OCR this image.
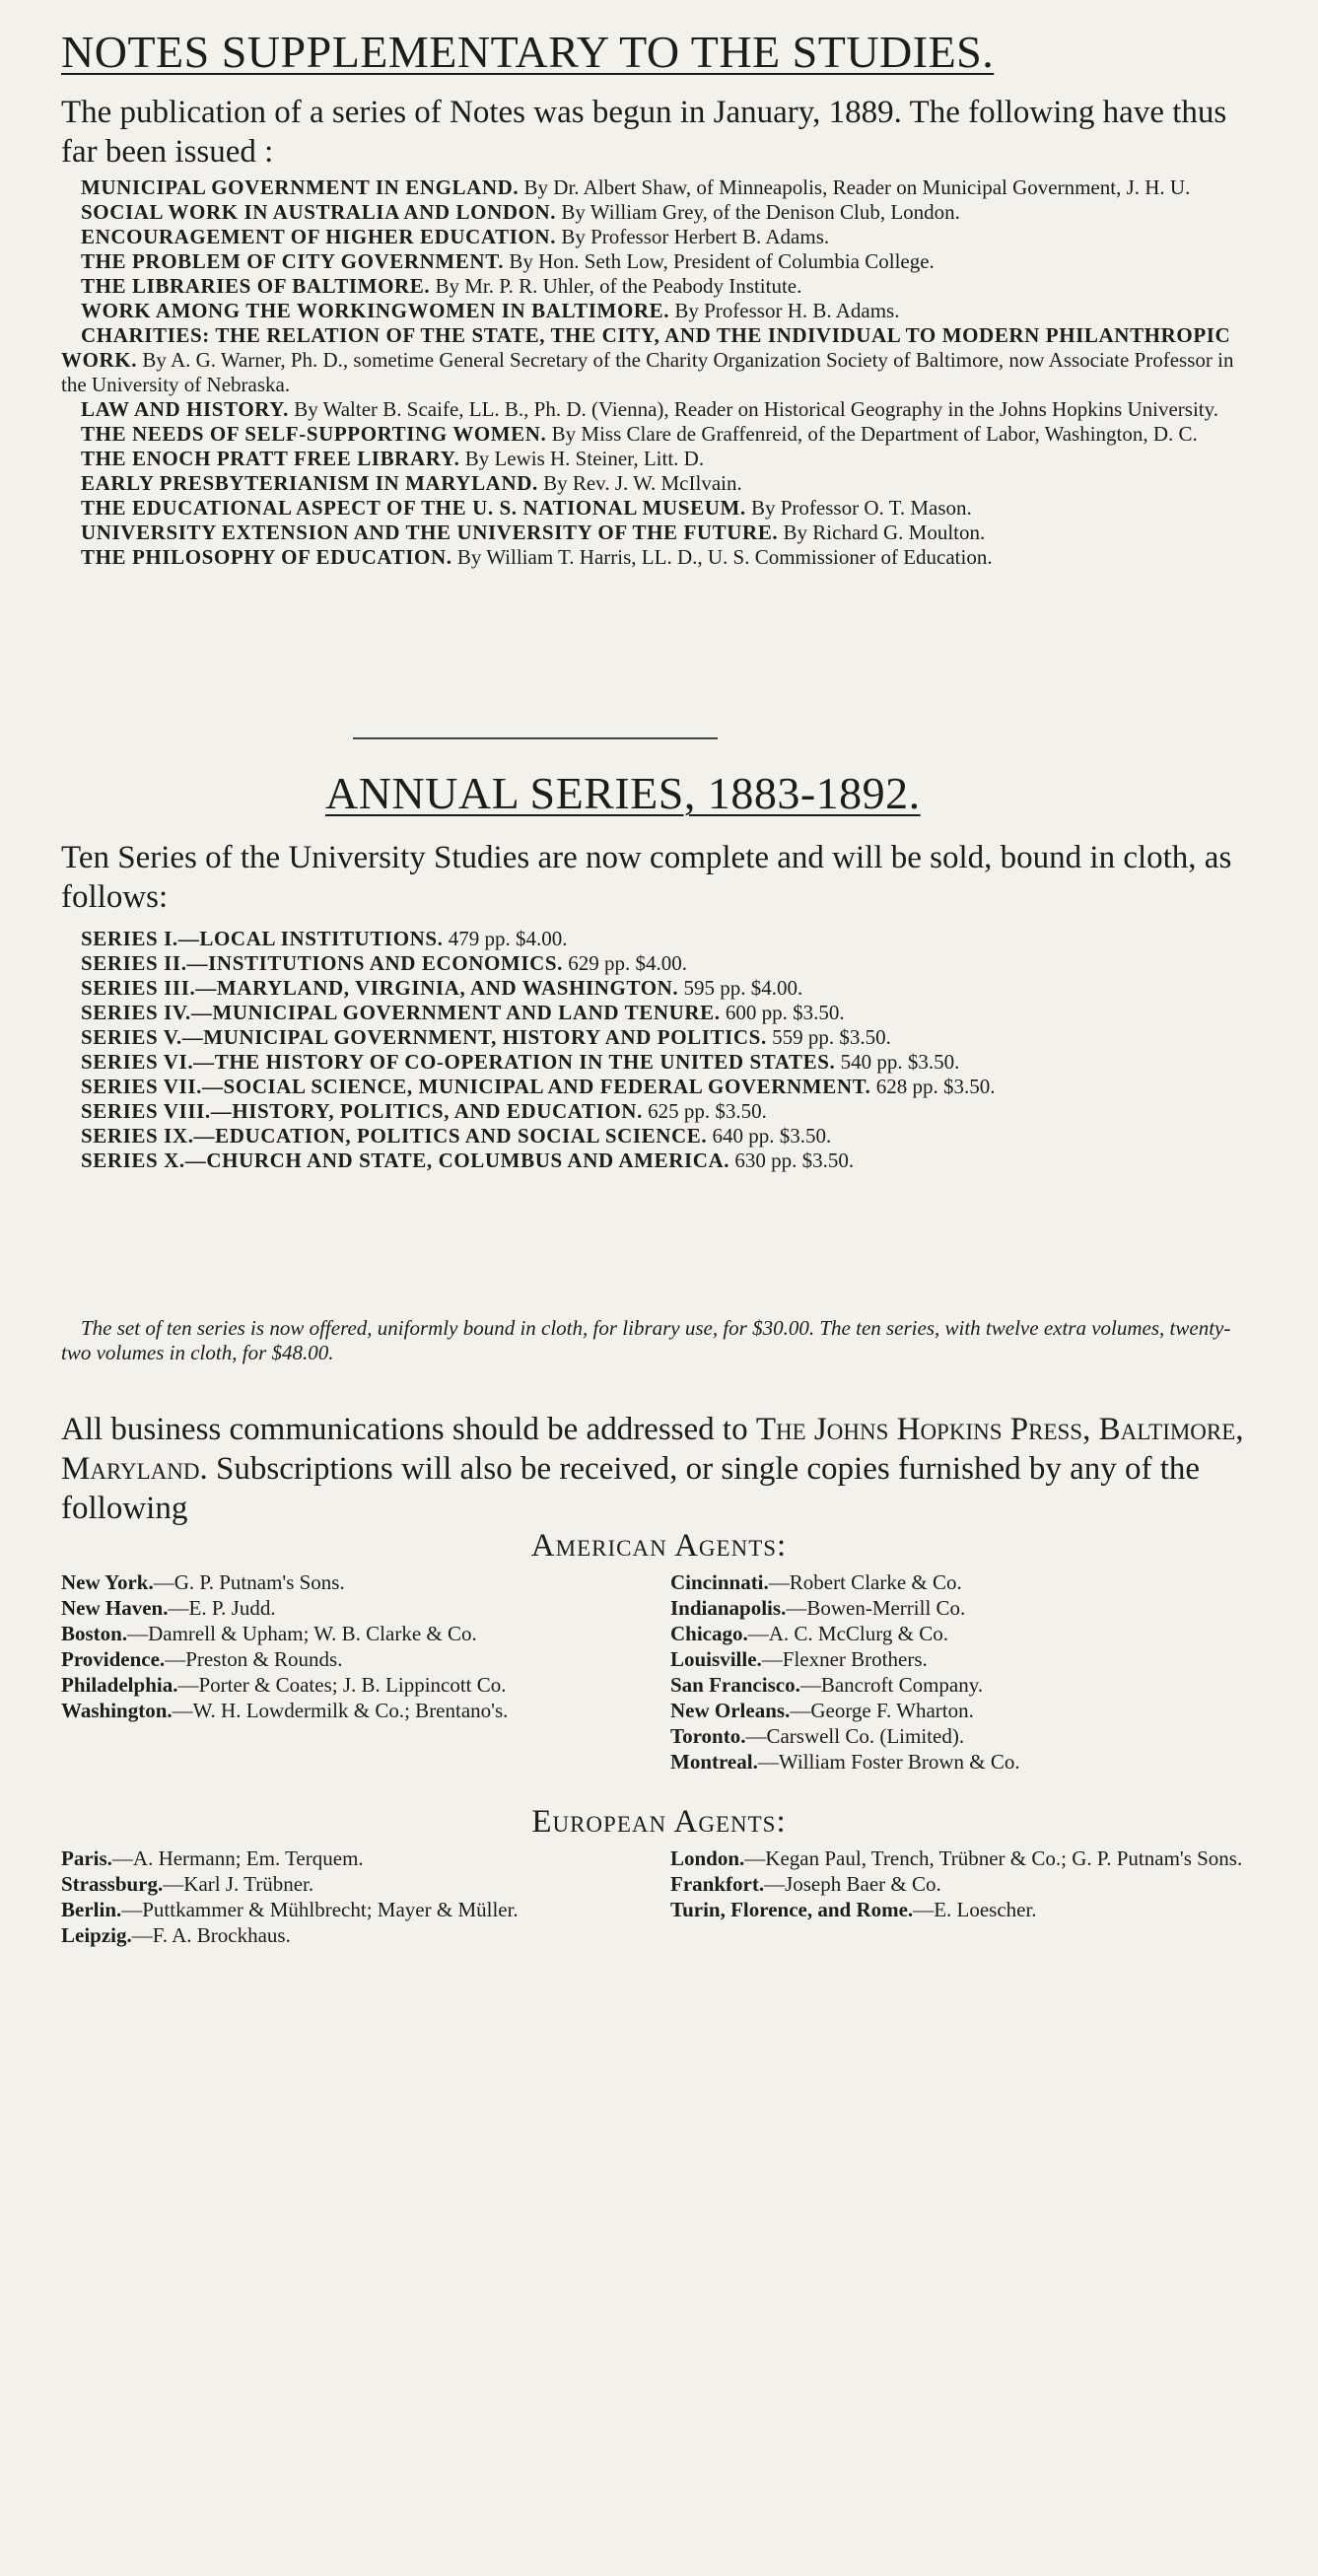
NOTES SUPPLEMENTARY TO THE STUDIES.
The publication of a series of Notes was begun in January, 1889. The following have thus far been issued :

MUNICIPAL GOVERNMENT IN ENGLAND. By Dr. Albert Shaw, of Minneapolis, Reader on Municipal Government, J. H. U.

SOCIAL WORK IN AUSTRALIA AND LONDON. By William Grey, of the Denison Club, London.

ENCOURAGEMENT OF HIGHER EDUCATION. By Professor Herbert B. Adams.

THE PROBLEM OF CITY GOVERNMENT. By Hon. Seth Low, President of Columbia College.

THE LIBRARIES OF BALTIMORE. By Mr. P. R. Uhler, of the Peabody Institute.

WORK AMONG THE WORKINGWOMEN IN BALTIMORE. By Professor H. B. Adams.

CHARITIES: THE RELATION OF THE STATE, THE CITY, AND THE INDIVIDUAL TO MODERN PHILANTHROPIC WORK. By A. G. Warner, Ph. D., sometime General Secretary of the Charity Organization Society of Baltimore, now Associate Professor in the University of Nebraska.

LAW AND HISTORY. By Walter B. Scaife, LL. B., Ph. D. (Vienna), Reader on Historical Geography in the Johns Hopkins University.

THE NEEDS OF SELF-SUPPORTING WOMEN. By Miss Clare de Graffenreid, of the Department of Labor, Washington, D. C.

THE ENOCH PRATT FREE LIBRARY. By Lewis H. Steiner, Litt. D.

EARLY PRESBYTERIANISM IN MARYLAND. By Rev. J. W. McIlvain.

THE EDUCATIONAL ASPECT OF THE U. S. NATIONAL MUSEUM. By Professor O. T. Mason.

UNIVERSITY EXTENSION AND THE UNIVERSITY OF THE FUTURE. By Richard G. Moulton.

THE PHILOSOPHY OF EDUCATION. By William T. Harris, LL. D., U. S. Commissioner of Education.

ANNUAL SERIES, 1883-1892.
Ten Series of the University Studies are now complete and will be sold, bound in cloth, as follows:

SERIES I.—LOCAL INSTITUTIONS. 479 pp. $4.00.

SERIES II.—INSTITUTIONS AND ECONOMICS. 629 pp. $4.00.

SERIES III.—MARYLAND, VIRGINIA, AND WASHINGTON. 595 pp. $4.00.

SERIES IV.—MUNICIPAL GOVERNMENT AND LAND TENURE. 600 pp. $3.50.

SERIES V.—MUNICIPAL GOVERNMENT, HISTORY AND POLITICS. 559 pp. $3.50.

SERIES VI.—THE HISTORY OF CO-OPERATION IN THE UNITED STATES. 540 pp. $3.50.

SERIES VII.—SOCIAL SCIENCE, MUNICIPAL AND FEDERAL GOVERNMENT. 628 pp. $3.50.

SERIES VIII.—HISTORY, POLITICS, AND EDUCATION. 625 pp. $3.50.

SERIES IX.—EDUCATION, POLITICS AND SOCIAL SCIENCE. 640 pp. $3.50.

SERIES X.—CHURCH AND STATE, COLUMBUS AND AMERICA. 630 pp. $3.50.

The set of ten series is now offered, uniformly bound in cloth, for library use, for $30.00. The ten series, with twelve extra volumes, twenty-two volumes in cloth, for $48.00.
All business communications should be addressed to The Johns Hopkins Press, Baltimore, Maryland. Subscriptions will also be received, or single copies furnished by any of the following
American Agents:

New York.—G. P. Putnam's Sons.

New Haven.—E. P. Judd.

Boston.—Damrell & Upham; W. B. Clarke & Co.

Providence.—Preston & Rounds.

Philadelphia.—Porter & Coates; J. B. Lippincott Co.

Washington.—W. H. Lowdermilk & Co.; Brentano's.

Cincinnati.—Robert Clarke & Co.

Indianapolis.—Bowen-Merrill Co.

Chicago.—A. C. McClurg & Co.

Louisville.—Flexner Brothers.

San Francisco.—Bancroft Company.

New Orleans.—George F. Wharton.

Toronto.—Carswell Co. (Limited).

Montreal.—William Foster Brown & Co.

European Agents:

Paris.—A. Hermann; Em. Terquem.

Strassburg.—Karl J. Trübner.

Berlin.—Puttkammer & Mühlbrecht; Mayer & Müller.

Leipzig.—F. A. Brockhaus.

London.—Kegan Paul, Trench, Trübner & Co.; G. P. Putnam's Sons.

Frankfort.—Joseph Baer & Co.

Turin, Florence, and Rome.—E. Loescher.
